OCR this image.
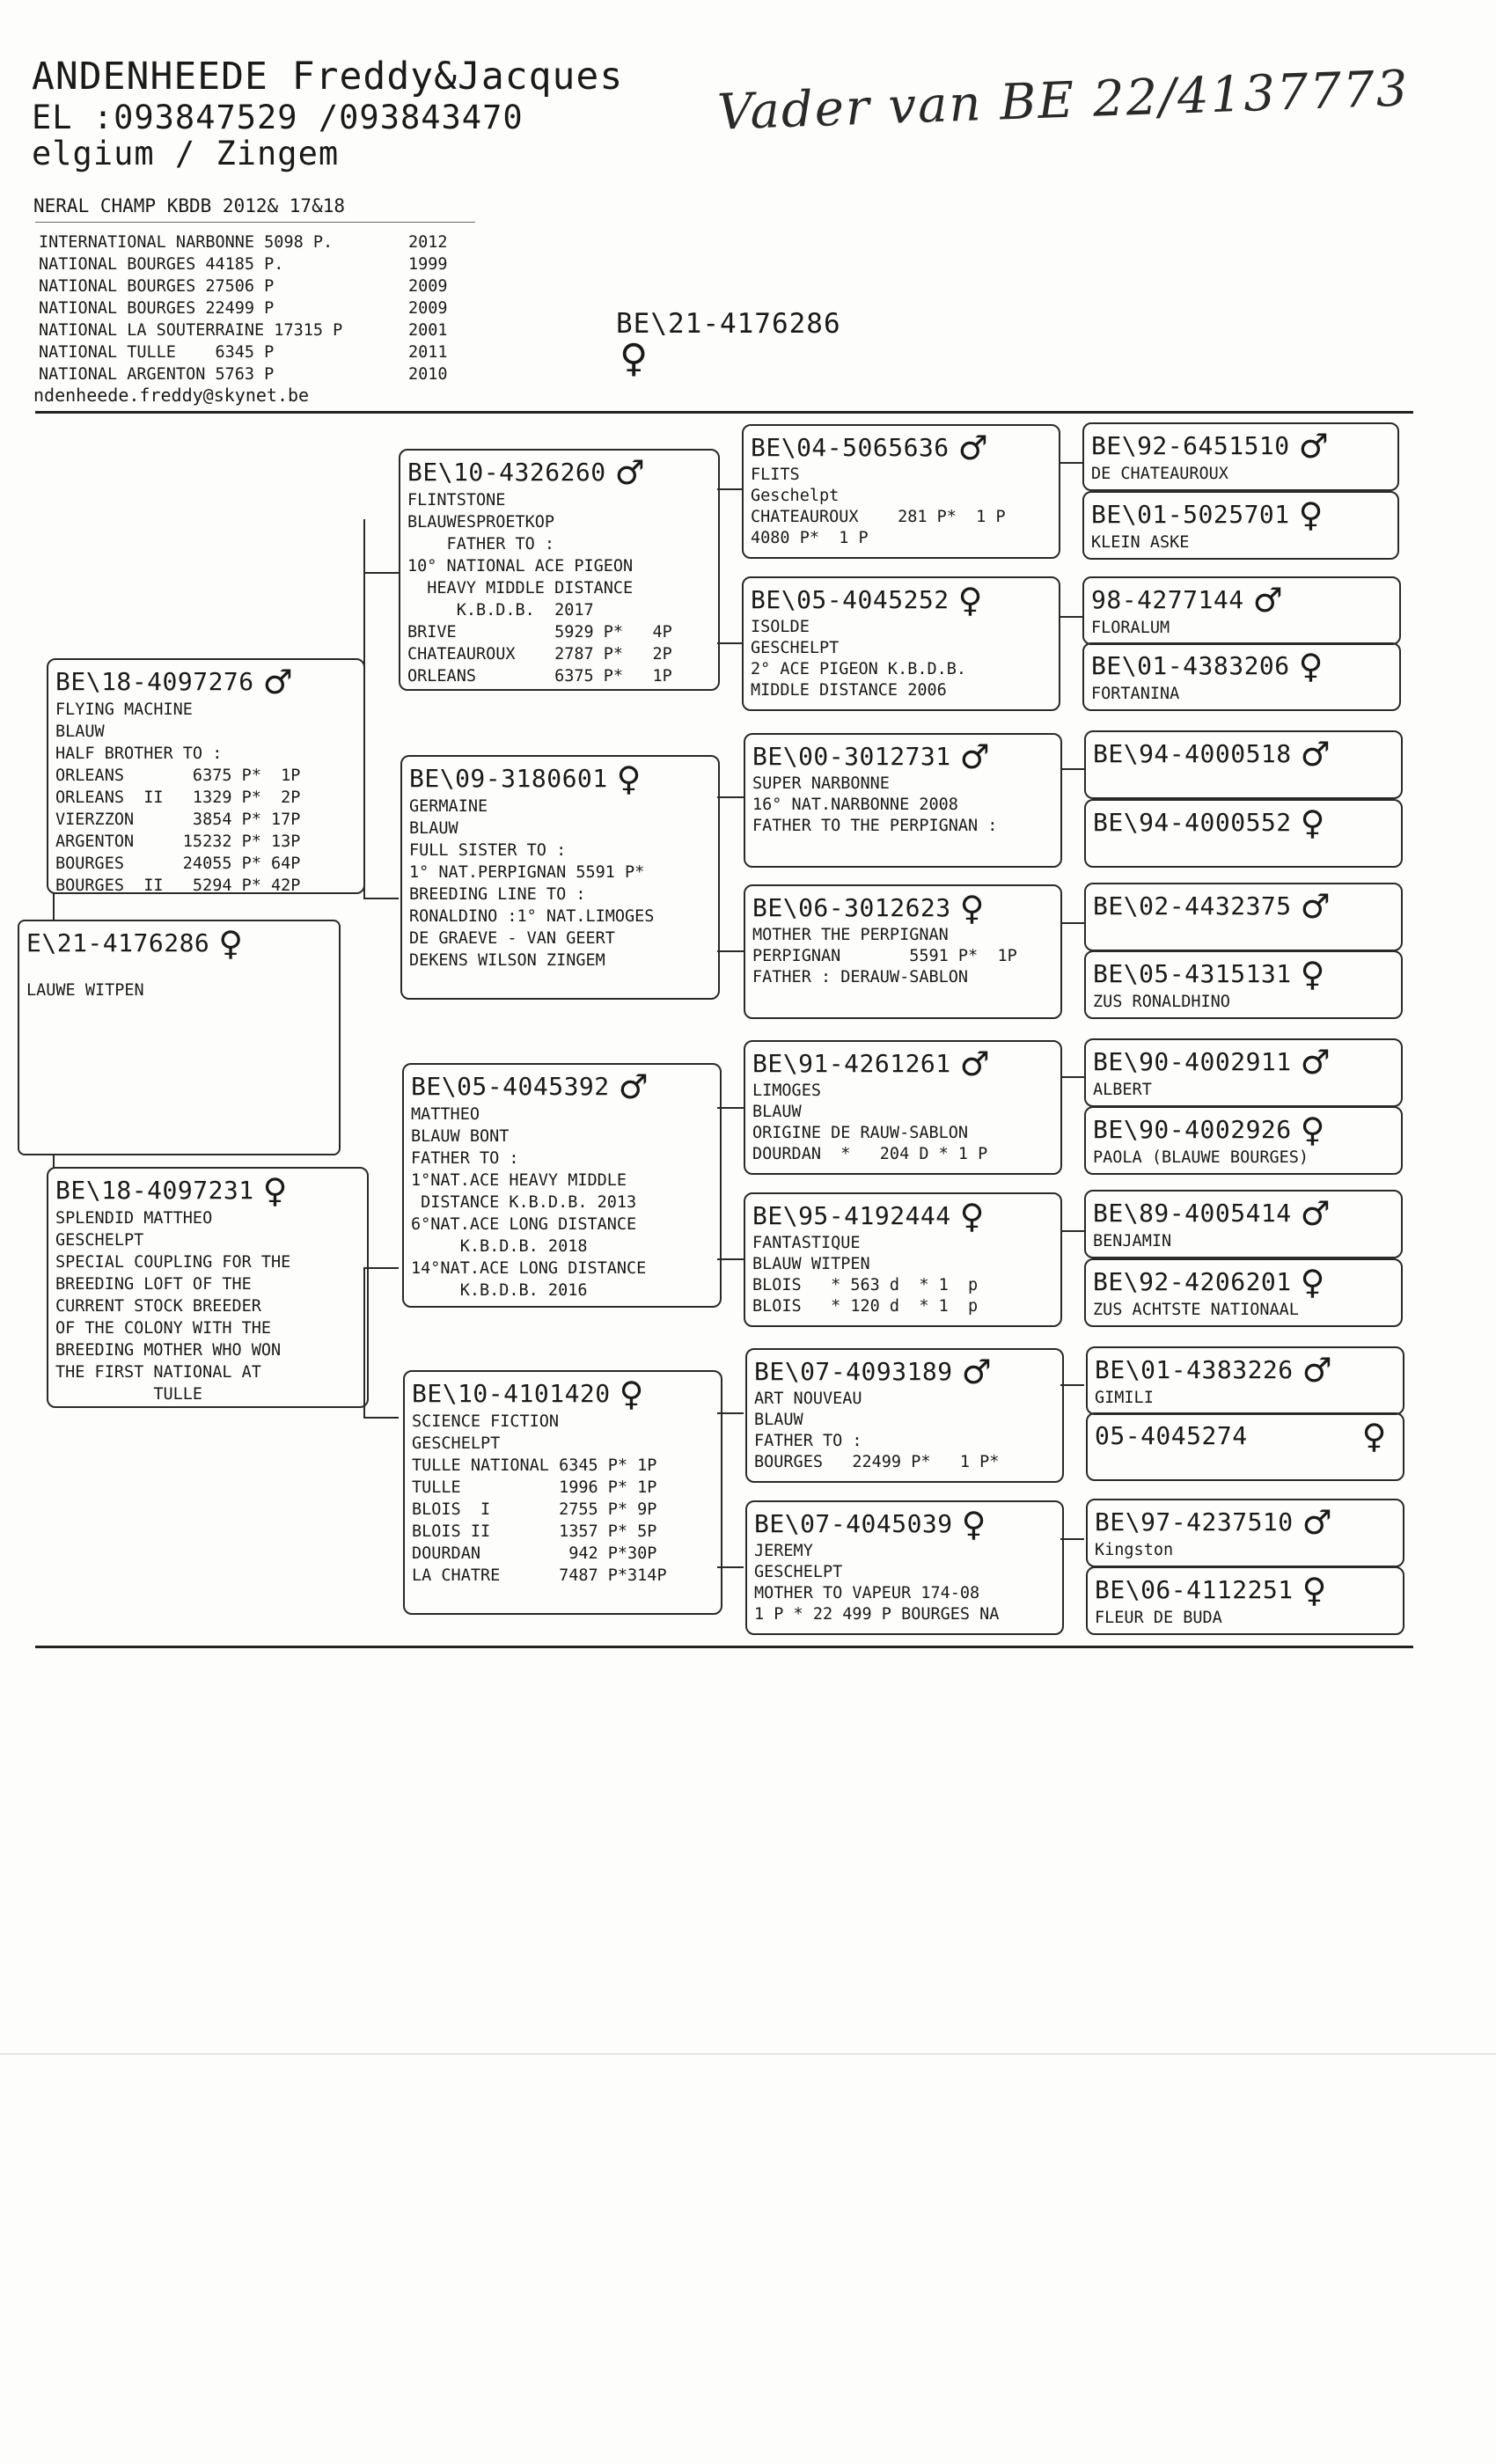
ANDENHEEDE Freddy&Jacques
EL :093847529 /093843470
elgium / Zingem
Vader van BE 22/4137773
NERAL CHAMP KBDB 2012& 17&18
INTERNATIONAL NARBONNE 5098 P.	2012
NATIONAL BOURGES 44185 P.	1999
NATIONAL BOURGES 27506 P	2009
NATIONAL BOURGES 22499 P	2009
NATIONAL LA SOUTERRAINE 17315 P	2001
NATIONAL TULLE    6345 P	2011
NATIONAL ARGENTON 5763 P	2010
ndenheede.freddy@skynet.be
BE\21-4176286
♀
E\21-4176286 ♀
LAUWE WITPEN
BE\18-4097276 ♂
FLYING MACHINE
BLAUW
HALF BROTHER TO :
ORLEANS       6375 P*  1P
ORLEANS  II   1329 P*  2P
VIERZZON      3854 P* 17P
ARGENTON     15232 P* 13P
BOURGES      24055 P* 64P
BOURGES  II   5294 P* 42P
BE\18-4097231 ♀
SPLENDID MATTHEO
GESCHELPT
SPECIAL COUPLING FOR THE
BREEDING LOFT OF THE
CURRENT STOCK BREEDER
OF THE COLONY WITH THE
BREEDING MOTHER WHO WON
THE FIRST NATIONAL AT
TULLE
BE\10-4326260 ♂
FLINTSTONE
BLAUWESPROETKOP
FATHER TO :
10° NATIONAL ACE PIGEON
HEAVY MIDDLE DISTANCE
K.B.D.B.  2017
BRIVE          5929 P*   4P
CHATEAUROUX    2787 P*   2P
ORLEANS        6375 P*   1P
BE\09-3180601 ♀
GERMAINE
BLAUW
FULL SISTER TO :
1° NAT.PERPIGNAN 5591 P*
BREEDING LINE TO :
RONALDINO :1° NAT.LIMOGES
DE GRAEVE - VAN GEERT
DEKENS WILSON ZINGEM
BE\05-4045392 ♂
MATTHEO
BLAUW BONT
FATHER TO :
1°NAT.ACE HEAVY MIDDLE
DISTANCE K.B.D.B. 2013
6°NAT.ACE LONG DISTANCE
K.B.D.B. 2018
14°NAT.ACE LONG DISTANCE
K.B.D.B. 2016
BE\10-4101420 ♀
SCIENCE FICTION
GESCHELPT
TULLE NATIONAL 6345 P* 1P
TULLE          1996 P* 1P
BLOIS  I       2755 P* 9P
BLOIS II       1357 P* 5P
DOURDAN         942 P*30P
LA CHATRE      7487 P*314P
BE\04-5065636 ♂
FLITS
Geschelpt
CHATEAUROUX    281 P*  1 P
4080 P*  1 P
BE\05-4045252 ♀
ISOLDE
GESCHELPT
2° ACE PIGEON K.B.D.B.
MIDDLE DISTANCE 2006
BE\00-3012731 ♂
SUPER NARBONNE
16° NAT.NARBONNE 2008
FATHER TO THE PERPIGNAN :
BE\06-3012623 ♀
MOTHER THE PERPIGNAN
PERPIGNAN       5591 P*  1P
FATHER : DERAUW-SABLON
BE\91-4261261 ♂
LIMOGES
BLAUW
ORIGINE DE RAUW-SABLON
DOURDAN  *   204 D * 1 P
BE\95-4192444 ♀
FANTASTIQUE
BLAUW WITPEN
BLOIS   * 563 d  * 1  p
BLOIS   * 120 d  * 1  p
BE\07-4093189 ♂
ART NOUVEAU
BLAUW
FATHER TO :
BOURGES   22499 P*   1 P*
BE\07-4045039 ♀
JEREMY
GESCHELPT
MOTHER TO VAPEUR 174-08
1 P * 22 499 P BOURGES NA
BE\92-6451510 ♂
DE CHATEAUROUX
BE\01-5025701 ♀
KLEIN ASKE
98-4277144 ♂
FLORALUM
BE\01-4383206 ♀
FORTANINA
BE\94-4000518 ♂
BE\94-4000552 ♀
BE\02-4432375 ♂
BE\05-4315131 ♀
ZUS RONALDHINO
BE\90-4002911 ♂
ALBERT
BE\90-4002926 ♀
PAOLA (BLAUWE BOURGES)
BE\89-4005414 ♂
BENJAMIN
BE\92-4206201 ♀
ZUS ACHTSTE NATIONAAL
BE\01-4383226 ♂
GIMILI
05-4045274	♀
BE\97-4237510 ♂
Kingston
BE\06-4112251 ♀
FLEUR DE BUDA
